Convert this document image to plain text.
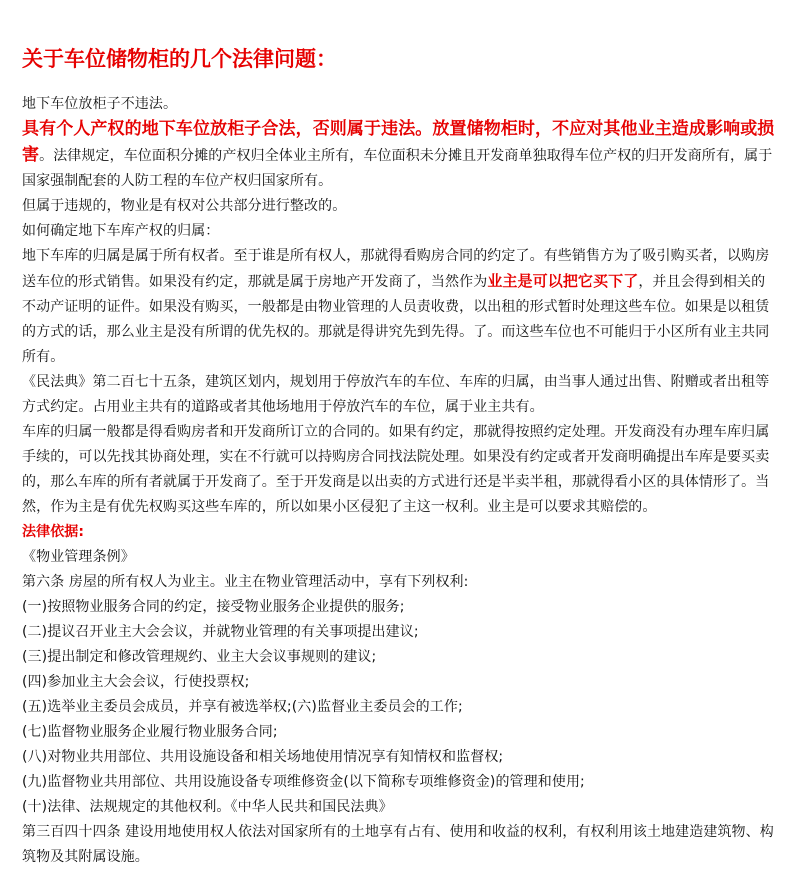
关于车位储物柜的几个法律问题：

地下车位放柜子不违法。

具有个人产权的地下车位放柜子合法，否则属于违法。放置储物柜时，不应对其他业主造成影响或损害。法律规定，车位面积分摊的产权归全体业主所有，车位面积未分摊且开发商单独取得车位产权的归开发商所有，属于国家强制配套的人防工程的车位产权归国家所有。

但属于违规的，物业是有权对公共部分进行整改的。

如何确定地下车库产权的归属：

地下车库的归属是属于所有权者。至于谁是所有权人，那就得看购房合同的约定了。有些销售方为了吸引购买者，以购房送车位的形式销售。如果没有约定，那就是属于房地产开发商了，当然作为业主是可以把它买下了，并且会得到相关的不动产证明的证件。如果没有购买，一般都是由物业管理的人员责收费，以出租的形式暂时处理这些车位。如果是以租赁的方式的话，那么业主是没有所谓的优先权的。那就是得讲究先到先得。了。而这些车位也不可能归于小区所有业主共同所有。

《民法典》第二百七十五条，建筑区划内，规划用于停放汽车的车位、车库的归属，由当事人通过出售、附赠或者出租等方式约定。占用业主共有的道路或者其他场地用于停放汽车的车位，属于业主共有。

车库的归属一般都是得看购房者和开发商所订立的合同的。如果有约定，那就得按照约定处理。开发商没有办理车库归属手续的，可以先找其协商处理，实在不行就可以持购房合同找法院处理。如果没有约定或者开发商明确提出车库是要买卖的，那么车库的所有者就属于开发商了。至于开发商是以出卖的方式进行还是半卖半租，那就得看小区的具体情形了。当然，作为主是有优先权购买这些车库的，所以如果小区侵犯了主这一权利。业主是可以要求其赔偿的。

法律依据:

《物业管理条例》

第六条 房屋的所有权人为业主。业主在物业管理活动中，享有下列权利:

(一)按照物业服务合同的约定，接受物业服务企业提供的服务;

(二)提议召开业主大会会议，并就物业管理的有关事项提出建议;

(三)提出制定和修改管理规约、业主大会议事规则的建议;

(四)参加业主大会会议，行使投票权;

(五)选举业主委员会成员，并享有被选举权;(六)监督业主委员会的工作;

(七)监督物业服务企业履行物业服务合同;

(八)对物业共用部位、共用设施设备和相关场地使用情况享有知情权和监督权;

(九)监督物业共用部位、共用设施设备专项维修资金(以下简称专项维修资金)的管理和使用;

(十)法律、法规规定的其他权利。《中华人民共和国民法典》

第三百四十四条 建设用地使用权人依法对国家所有的土地享有占有、使用和收益的权利，有权利用该土地建造建筑物、构筑物及其附属设施。
